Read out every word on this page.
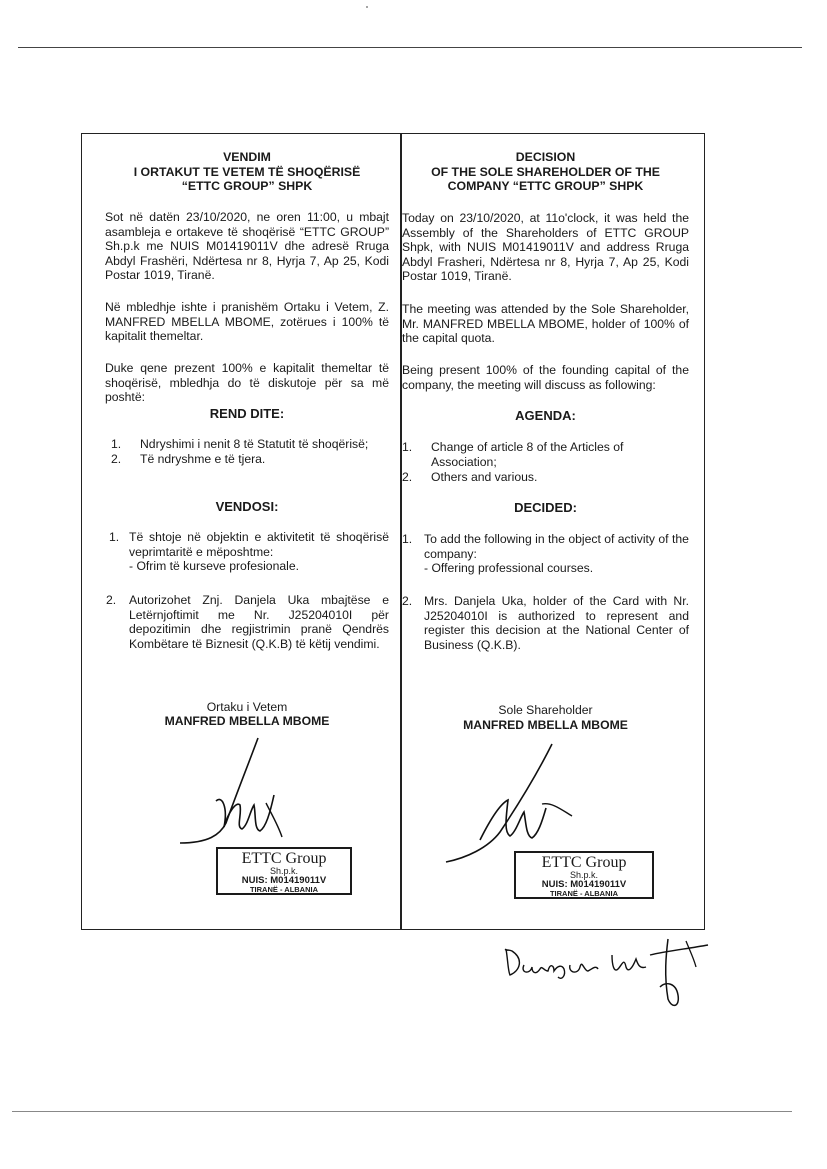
VENDIM
I ORTAKUT TE VETEM TË SHOQËRISË
“ETTC GROUP” SHPK
Sot në datën 23/10/2020, ne oren 11:00, u mbajt asambleja e ortakeve të shoqërisë “ETTC GROUP” Sh.p.k me NUIS M01419011V dhe adresë Rruga Abdyl Frashëri, Ndërtesa nr 8, Hyrja 7, Ap 25, Kodi Postar 1019, Tiranë.
Në mbledhje ishte i pranishëm Ortaku i Vetem, Z. MANFRED MBELLA MBOME, zotërues i 100% të kapitalit themeltar.
Duke qene prezent 100% e kapitalit themeltar të shoqërisë, mbledhja do të diskutoje për sa më poshtë:
REND DITE:
1. Ndryshimi i nenit 8 të Statutit të shoqërisë;
2. Të ndryshme e të tjera.
VENDOSI:
1. Të shtoje në objektin e aktivitetit të shoqërisë veprimtaritë e mëposhtme:
- Ofrim të kurseve profesionale.
2. Autorizohet Znj. Danjela Uka mbajtëse e Letërnjoftimit me Nr. J25204010I për depozitimin dhe regjistrimin pranë Qendrës Kombëtare të Biznesit (Q.K.B) të këtij vendimi.
Ortaku i Vetem
MANFRED MBELLA MBOME
DECISION
OF THE SOLE SHAREHOLDER OF THE
COMPANY “ETTC GROUP” SHPK
Today on 23/10/2020, at 11o'clock, it was held the Assembly of the Shareholders of ETTC GROUP Shpk, with NUIS M01419011V and address Rruga Abdyl Frasheri, Ndërtesa nr 8, Hyrja 7, Ap 25, Kodi Postar 1019, Tiranë.
The meeting was attended by the Sole Shareholder, Mr. MANFRED MBELLA MBOME, holder of 100% of the capital quota.
Being present 100% of the founding capital of the company, the meeting will discuss as following:
AGENDA:
1. Change of article 8 of the Articles of Association;
2. Others and various.
DECIDED:
1. To add the following in the object of activity of the company:
- Offering professional courses.
2. Mrs. Danjela Uka, holder of the Card with Nr. J25204010I is authorized to represent and register this decision at the National Center of Business (Q.K.B).
Sole Shareholder
MANFRED MBELLA MBOME
ETTC Group
Sh.p.k.
NUIS: M01419011V
TIRANË - ALBANIA
ETTC Group
Sh.p.k.
NUIS: M01419011V
TIRANË - ALBANIA
